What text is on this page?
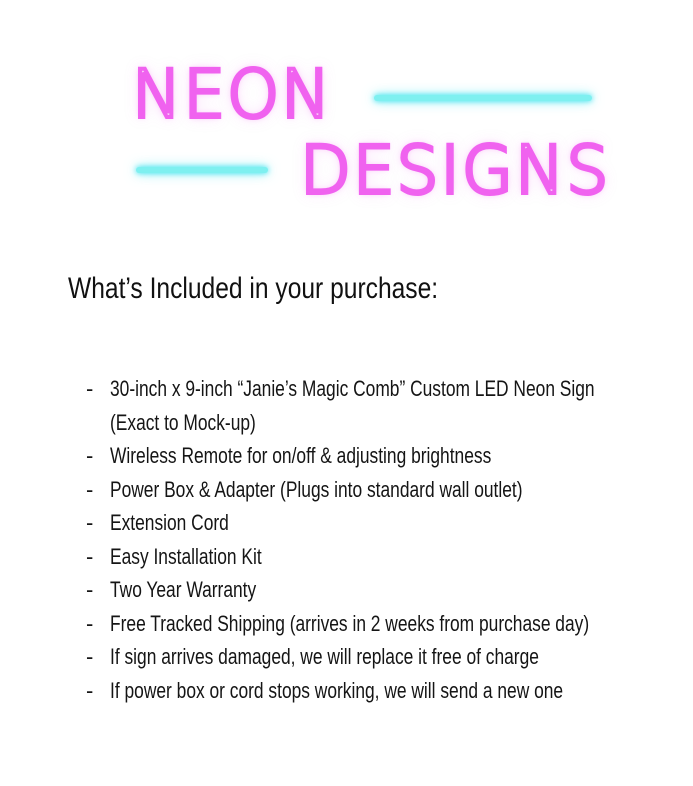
NEON
DESIGNS
What’s Included in your purchase:
- 30-inch x 9-inch “Janie’s Magic Comb” Custom LED Neon Sign
(Exact to Mock-up)
- Wireless Remote for on/off & adjusting brightness
- Power Box & Adapter (Plugs into standard wall outlet)
- Extension Cord
- Easy Installation Kit
- Two Year Warranty
- Free Tracked Shipping (arrives in 2 weeks from purchase day)
- If sign arrives damaged, we will replace it free of charge
- If power box or cord stops working, we will send a new one
